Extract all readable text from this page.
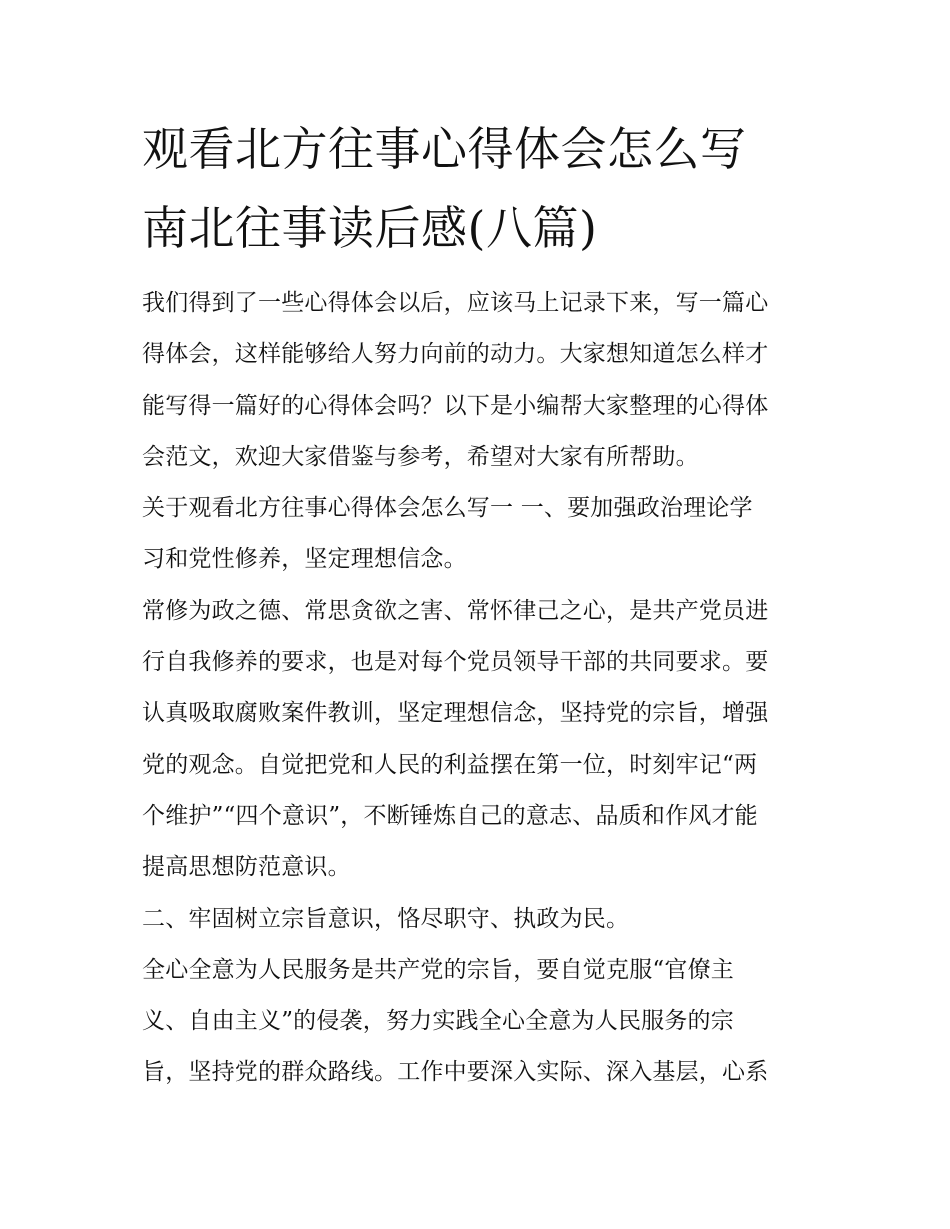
观看北方往事心得体会怎么写
南北往事读后感(八篇)
我们得到了一些心得体会以后，应该马上记录下来，写一篇心
得体会，这样能够给人努力向前的动力。大家想知道怎么样才
能写得一篇好的心得体会吗？以下是小编帮大家整理的心得体
会范文，欢迎大家借鉴与参考，希望对大家有所帮助。
关于观看北方往事心得体会怎么写一 一、要加强政治理论学
习和党性修养，坚定理想信念。
常修为政之德、常思贪欲之害、常怀律己之心，是共产党员进
行自我修养的要求，也是对每个党员领导干部的共同要求。要
认真吸取腐败案件教训，坚定理想信念，坚持党的宗旨，增强
党的观念。自觉把党和人民的利益摆在第一位，时刻牢记“两
个维护”“四个意识”，不断锤炼自己的意志、品质和作风才能
提高思想防范意识。
二、牢固树立宗旨意识，恪尽职守、执政为民。
全心全意为人民服务是共产党的宗旨，要自觉克服“官僚主
义、自由主义”的侵袭，努力实践全心全意为人民服务的宗
旨，坚持党的群众路线。工作中要深入实际、深入基层，心系
